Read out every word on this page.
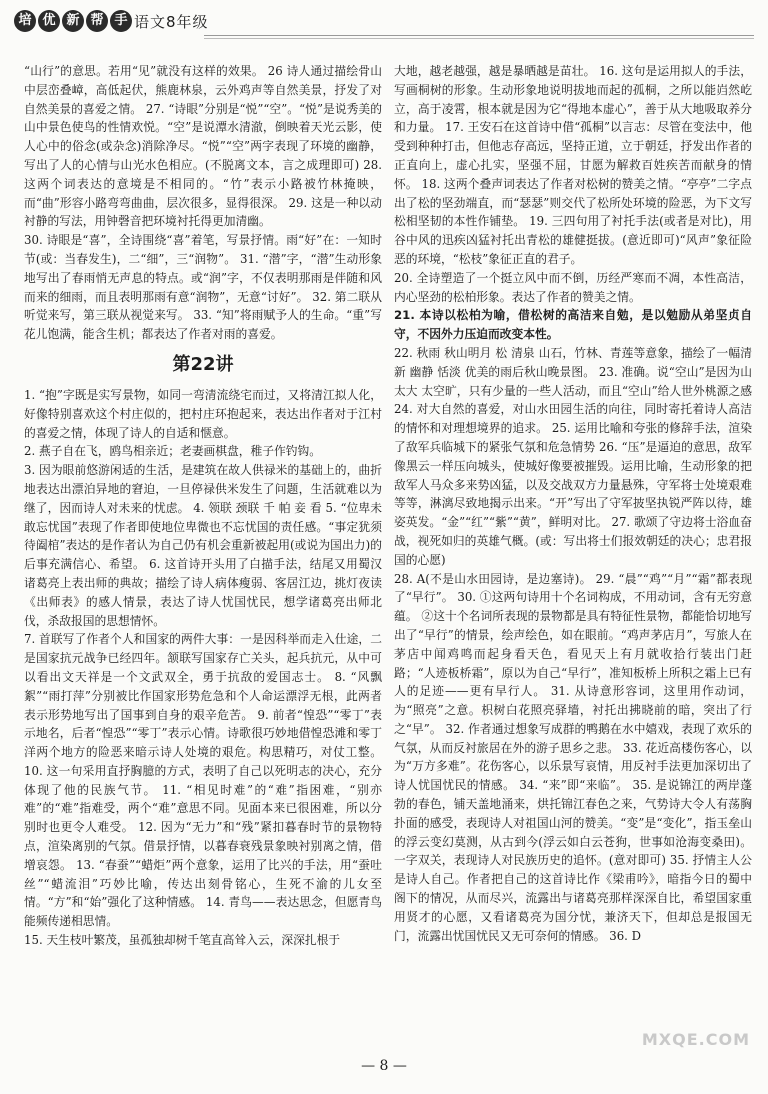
培 优 新 帮 手 语文8年级

“山行”的意思。若用“见”就没有这样的效果。 26 诗人通过描绘骨山中层峦叠嶂，高低起伏，熊鹿林泉，云外鸡声等自然美景，抒发了对自然美景的喜爱之情。 27. “诗眼”分别是“悦”“空”。“悦”是说秀美的山中景色使鸟的性情欢悦。“空”是说潭水清澈，倒映着天光云影，使人心中的俗念(或杂念)消除净尽。“悦”“空”两字表现了环境的幽静，写出了人的心情与山光水色相应。(不脱离文本，言之成理即可) 28. 这两个词表达的意境是不相同的。“竹”表示小路被竹林掩映，而“曲”形容小路弯弯曲曲，层次很多，显得很深。 29. 这是一种以动衬静的写法，用钟磬音把环境衬托得更加清幽。

30. 诗眼是“喜”，全诗围绕“喜”着笔，写景抒情。雨“好”在：一知时节(或：当春发生)，二“细”，三“润物”。 31. “潜”字，“潜”生动形象地写出了春雨悄无声息的特点。或“润”字，不仅表明那雨是伴随和风而来的细雨，而且表明那雨有意“润物”，无意“讨好”。 32. 第二联从听觉来写，第三联从视觉来写。 33. “知”将雨赋予人的生命。“重”写花儿饱满，能含生机；都表达了作者对雨的喜爱。

第22讲

1. “抱”字既是实写景物，如同一弯清流绕宅而过，又将清江拟人化，好像特别喜欢这个村庄似的，把村庄环抱起来，表达出作者对于江村的喜爱之情，体现了诗人的自适和惬意。

2. 燕子自在飞，鸥鸟相亲近；老妻画棋盘，稚子作钓钩。

3. 因为眼前悠游闲适的生活，是建筑在故人供禄米的基础上的，曲折地表达出漂泊异地的窘迫，一旦停禄供米发生了问题，生活就难以为继了，因而诗人对未来的忧虑。 4. 领联 颈联 千 帕 妾 看 5. “位卑未敢忘忧国”表现了作者即使地位卑微也不忘忧国的责任感。“事定犹须待阖棺”表达的是作者认为自己仍有机会重新被起用(或说为国出力)的后事充满信心、希望。 6. 这首诗开头用了白描手法，结尾又用蜀汉诸葛亮上表出师的典故；描绘了诗人病体瘦弱、客居江边，挑灯夜读《出师表》的感人情景，表达了诗人忧国忧民，想学诸葛亮出师北伐，杀敌报国的思想情怀。

7. 首联写了作者个人和国家的两件大事：一是因科举而走入仕途，二是国家抗元战争已经四年。颔联写国家存亡关头，起兵抗元，从中可以看出文天祥是一个文武双全，勇于抗敌的爱国志士。 8. “风飘絮”“雨打萍”分别被比作国家形势危急和个人命运漂浮无根，此两者表示形势地写出了国事到自身的艰辛危苦。 9. 前者“惶恐”“零丁”表示地名，后者“惶恐”“零丁”表示心情。诗歌很巧妙地借惶恐滩和零丁洋两个地方的险恶来暗示诗人处境的艰危。构思精巧，对仗工整。 10. 这一句采用直抒胸臆的方式，表明了自己以死明志的决心，充分体现了他的民族气节。 11. “相见时难”的“难”指困难，“别亦难”的“难”指难受，两个“难”意思不同。见面本来已很困难，所以分别时也更令人难受。 12. 因为“无力”和“残”紧扣暮春时节的景物特点，渲染离别的气氛。借景抒情，以暮春衰残景象映衬别离之情，借增哀怨。 13. “春蚕”“蜡炬”两个意象，运用了比兴的手法，用“蚕吐丝”“蜡流泪”巧妙比喻，传达出刻骨铭心，生死不渝的儿女至情。“方”和“始”强化了这种情感。 14. 青鸟——表达思念，但愿青鸟能频传递相思情。

15. 天生枝叶繁茂，虽孤独却树千笔直高耸入云，深深扎根于

大地，越老越强，越是暴晒越是苗壮。 16. 这句是运用拟人的手法，写画桐树的形象。生动形象地说明拔地而起的孤桐，之所以能岿然屹立，高于凌霄，根本就是因为它“得地本虚心”，善于从大地吸取养分和力量。 17. 王安石在这首诗中借“孤桐”以言志：尽管在变法中，他受到种种打击，但他志存高远，坚持正道，立于朝廷，抒发出作者的正直向上，虚心扎实，坚强不屈，甘愿为解救百姓疾苦而献身的情怀。 18. 这两个叠声词表达了作者对松树的赞美之情。“亭亭”二字点出了松的坚劲端直，而“瑟瑟”则交代了松所处环境的险恶，为下文写松相坚韧的本性作铺垫。 19. 三四句用了衬托手法(或者是对比)，用谷中风的迅疾凶猛衬托出青松的雄健挺拔。(意近即可)“风声”象征险恶的环境，“松枝”象征正直的君子。

20. 全诗塑造了一个挺立风中而不倒，历经严寒而不凋，本性高洁，内心坚劲的松柏形象。表达了作者的赞美之情。

21. 本诗以松柏为喻，借松树的高洁来自勉，是以勉励从弟坚贞自守，不因外力压迫而改变本性。

22. 秋雨 秋山明月 松 清泉 山石，竹林、青莲等意象，描绘了一幅清新 幽静 恬淡 优美的雨后秋山晚景图。 23. 准确。说“空山”是因为山太大 太空旷，只有少量的一些人活动，而且“空山”给人世外桃源之感 24. 对大自然的喜爱，对山水田园生活的向往，同时寄托着诗人高洁的情怀和对理想境界的追求。 25. 运用比喻和夸张的修辞手法，渲染了敌军兵临城下的紧张气氛和危急情势 26. “压”是逼迫的意思，敌军像黑云一样压向城头，使城好像要被摧毁。运用比喻，生动形象的把敌军人马众多来势凶猛，以及交战双方力量悬殊，守军将士处境艰难等等，淋漓尽致地揭示出来。“开”写出了守军披坚执锐严阵以待，雄姿英发。“金”“红”“紫”“黄”，鲜明对比。 27. 歌颂了守边将士浴血奋战，视死如归的英雄气概。(或：写出将士们报效朝廷的决心；忠君报国的心愿)

28. A(不是山水田园诗，是边塞诗)。 29. “晨”“鸡”“月”“霜”都表现了“早行”。 30. ①这两句诗用十个名词构成，不用动词，含有无穷意蕴。 ②这十个名词所表现的景物都是具有特征性景物，都能恰切地写出了“早行”的情景，绘声绘色，如在眼前。“鸡声茅店月”，写旅人在茅店中闻鸡鸣而起身看天色，看见天上有月就收拾行装出门赶路；“人迹板桥霜”，原以为自己“早行”，准知板桥上所积之霜上已有人的足迹——更有早行人。 31. 从诗意形容词，这里用作动词，为“照亮”之意。枳树白花照亮驿墙，衬托出拂晓前的暗，突出了行之“早”。 32. 作者通过想象写成群的鸭鹅在水中嬉戏，表现了欢乐的气氛，从而反衬旅居在外的游子思乡之悲。 33. 花近高楼伤客心，以为“万方多难”。花伤客心，以乐景写哀情，用反衬手法更加深切出了诗人忧国忧民的情感。 34. “来”即“来临”。 35. 是说锦江的两岸蓬勃的春色，铺天盖地涌来，烘托锦江春色之来，气势诗大令人有荡胸扑面的感受，表现诗人对祖国山河的赞美。“变”是“变化”，指玉垒山的浮云变幻莫测，从古到今(浮云如白云苍狗，世事如沧海变桑田)。一字双关，表现诗人对民族历史的追怀。(意对即可) 35. 抒情主人公是诗人自己。作者把自己的这首诗比作《梁甫吟》，暗指今日的蜀中阁下的情况，从而尽兴，流露出与诸葛亮那样深深自比，希望国家重用贤才的心愿，又看诸葛亮为国分忧，兼济天下，但却总是报国无门，流露出忧国忧民又无可奈何的情感。 36. D

— 8 —
MXQE.COM
